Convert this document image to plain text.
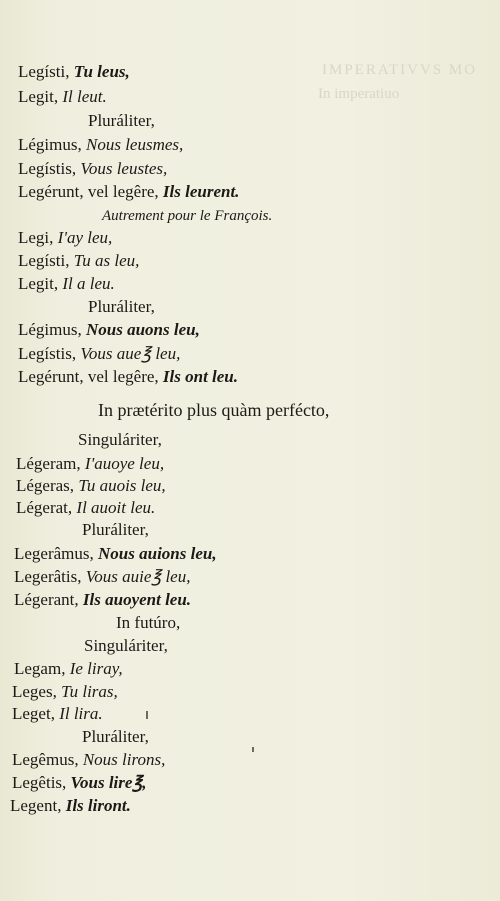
IMPERATIVVS MO
In imperatiuo
Legísti, Tu leus,
Legit, Il leut.
Pluráliter,
Légimus, Nous leusmes,
Legístis, Vous leustes,
Legérunt, vel legêre, Ils leurent.
Autrement pour le François.
Legi, I'ay leu,
Legísti, Tu as leu,
Legit, Il a leu.
Pluráliter,
Légimus, Nous auons leu,
Legístis, Vous aue℥ leu,
Legérunt, vel legêre, Ils ont leu.
In prætérito plus quàm perfécto,
Singuláriter,
Légeram, I'auoye leu,
Légeras, Tu auois leu,
Légerat, Il auoit leu.
Pluráliter,
Legerâmus, Nous auions leu,
Legerâtis, Vous auie℥ leu,
Légerant, Ils auoyent leu.
In futúro,
Singuláriter,
Legam, Ie liray,
Leges, Tu liras,
Leget, Il lira.
Pluráliter,
Legêmus, Nous lirons,
Legêtis, Vous lire℥,
Legent, Ils liront.
